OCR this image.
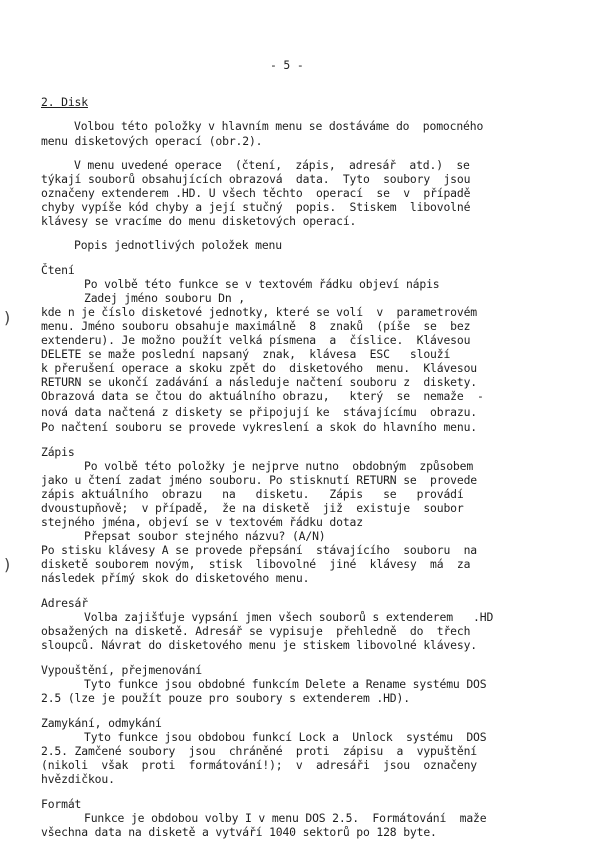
- 5 -
2. Disk
Volbou této položky v hlavním menu se dostáváme do  pomocného
menu disketových operací (obr.2).
V menu uvedené operace  (čtení,  zápis,  adresář  atd.)  se
týkají souborů obsahujících obrazová  data.  Tyto  soubory  jsou
označeny extenderem .HD. U všech těchto  operací  se  v  případě
chyby vypíše kód chyby a její stučný  popis.  Stiskem  libovolné
klávesy se vracíme do menu disketových operací.
Popis jednotlivých položek menu
Čtení
Po volbě této funkce se v textovém řádku objeví nápis
Zadej jméno souboru Dn ,
kde n je číslo disketové jednotky, které se volí  v  parametrovém
menu. Jméno souboru obsahuje maximálně  8  znaků  (píše  se  bez
extenderu). Je možno použít velká písmena  a  číslice.  Klávesou
DELETE se maže poslední napsaný  znak,  klávesa  ESC   slouží
k přerušení operace a skoku zpět do  disketového  menu.  Klávesou
RETURN se ukončí zadávání a následuje načtení souboru z  diskety.
Obrazová data se čtou do aktuálního obrazu,   který  se  nemaže  -
nová data načtená z diskety se připojují ke  stávajícímu  obrazu.
Po načtení souboru se provede vykreslení a skok do hlavního menu.
Zápis
Po volbě této položky je nejprve nutno  obdobným  způsobem
jako u čtení zadat jméno souboru. Po stisknutí RETURN se  provede
zápis aktuálního  obrazu   na   disketu.   Zápis   se   provádí
dvoustupňově;  v případě,  že na disketě  již  existuje  soubor
stejného jména, objeví se v textovém řádku dotaz
Přepsat soubor stejného názvu? (A/N)
Po stisku klávesy A se provede přepsání  stávajícího  souboru  na
disketě souborem novým,  stisk  libovolné  jiné  klávesy  má  za
následek přímý skok do disketového menu.
Adresář
Volba zajišťuje vypsání jmen všech souborů s extenderem   .HD
obsažených na disketě. Adresář se vypisuje  přehledně  do  třech
sloupců. Návrat do disketového menu je stiskem libovolné klávesy.
Vypouštění, přejmenování
Tyto funkce jsou obdobné funkcím Delete a Rename systému DOS
2.5 (lze je použít pouze pro soubory s extenderem .HD).
Zamykání, odmykání
Tyto funkce jsou obdobou funkcí Lock a  Unlock  systému  DOS
2.5. Zamčené soubory  jsou  chráněné  proti  zápisu  a  vypuštění
(nikoli  však  proti  formátování!);  v  adresáři  jsou  označeny
hvězdičkou.
Formát
Funkce je obdobou volby I v menu DOS 2.5.  Formátování  maže
všechna data na disketě a vytváří 1040 sektorů po 128 byte.
)
)
